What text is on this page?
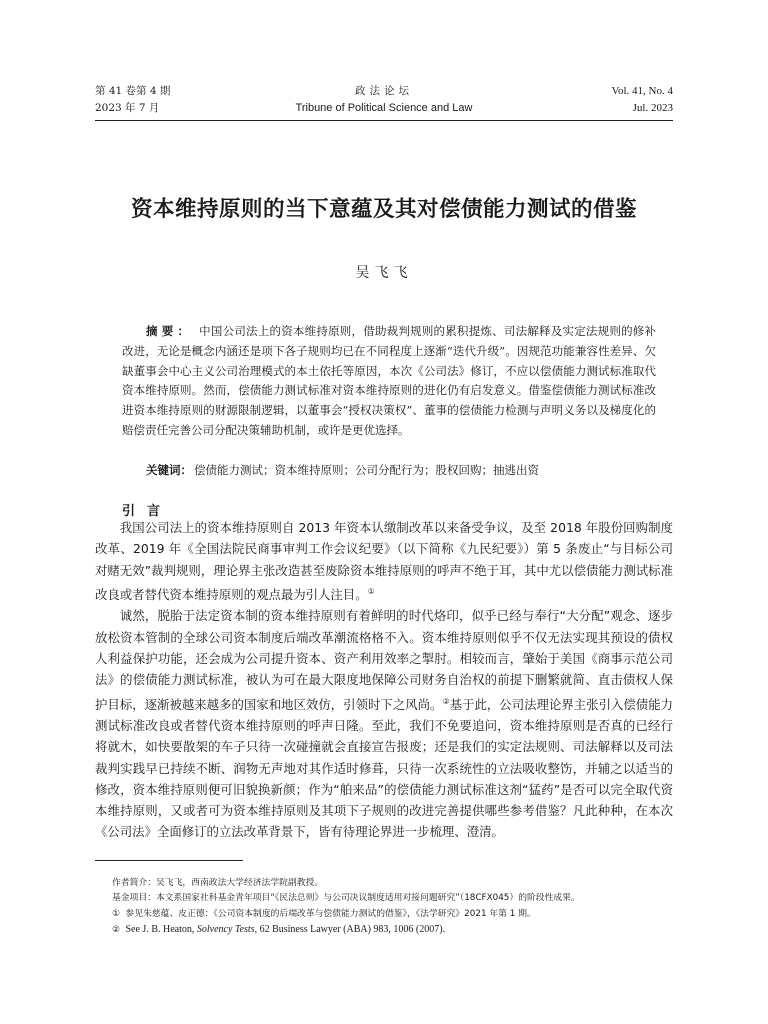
第 41 卷第 4 期
2023 年 7 月
政法论坛
Tribune of Political Science and Law
Vol. 41, No. 4
Jul. 2023
资本维持原则的当下意蕴及其对偿债能力测试的借鉴
吴飞飞
摘要： 中国公司法上的资本维持原则，借助裁判规则的累积提炼、司法解释及实定法规则的修补改进，无论是概念内涵还是项下各子规则均已在不同程度上逐渐“迭代升级”。因规范功能兼容性差异、欠缺董事会中心主义公司治理模式的本土依托等原因，本次《公司法》修订，不应以偿债能力测试标准取代资本维持原则。然而，偿债能力测试标准对资本维持原则的进化仍有启发意义。借鉴偿债能力测试标准改进资本维持原则的财源限制逻辑，以董事会“授权决策权”、董事的偿债能力检测与声明义务以及梯度化的赔偿责任完善公司分配决策辅助机制，或许是更优选择。
关键词： 偿债能力测试；资本维持原则；公司分配行为；股权回购；抽逃出资
引言

我国公司法上的资本维持原则自 2013 年资本认缴制改革以来备受争议，及至 2018 年股份回购制度改革、2019 年《全国法院民商事审判工作会议纪要》（以下简称《九民纪要》）第 5 条废止“与目标公司对赌无效”裁判规则，理论界主张改造甚至废除资本维持原则的呼声不绝于耳，其中尤以偿债能力测试标准改良或者替代资本维持原则的观点最为引人注目。①

诚然，脱胎于法定资本制的资本维持原则有着鲜明的时代烙印，似乎已经与奉行“大分配”观念、逐步放松资本管制的全球公司资本制度后端改革潮流格格不入。资本维持原则似乎不仅无法实现其预设的债权人利益保护功能，还会成为公司提升资本、资产利用效率之掣肘。相较而言，肇始于美国《商事示范公司法》的偿债能力测试标准，被认为可在最大限度地保障公司财务自治权的前提下删繁就简、直击债权人保护目标，逐渐被越来越多的国家和地区效仿，引领时下之风尚。②基于此，公司法理论界主张引入偿债能力测试标准改良或者替代资本维持原则的呼声日隆。至此，我们不免要追问，资本维持原则是否真的已经行将就木，如快要散架的车子只待一次碰撞就会直接宣告报废；还是我们的实定法规则、司法解释以及司法裁判实践早已持续不断、润物无声地对其作适时修葺，只待一次系统性的立法吸收整饬，并辅之以适当的修改，资本维持原则便可旧貌换新颜；作为“舶来品”的偿债能力测试标准这剂“猛药”是否可以完全取代资本维持原则，又或者可为资本维持原则及其项下子规则的改进完善提供哪些参考借鉴？凡此种种，在本次《公司法》全面修订的立法改革背景下，皆有待理论界进一步梳理、澄清。

作者简介：吴飞飞，西南政法大学经济法学院副教授。
基金项目：本文系国家社科基金青年项目“《民法总则》与公司决议制度适用对接问题研究”（18CFX045）的阶段性成果。
① 参见朱慈蕴、皮正德：《公司资本制度的后端改革与偿债能力测试的借鉴》，《法学研究》2021 年第 1 期。
② See J. B. Heaton, Solvency Tests, 62 Business Lawyer (ABA) 983, 1006 (2007).
